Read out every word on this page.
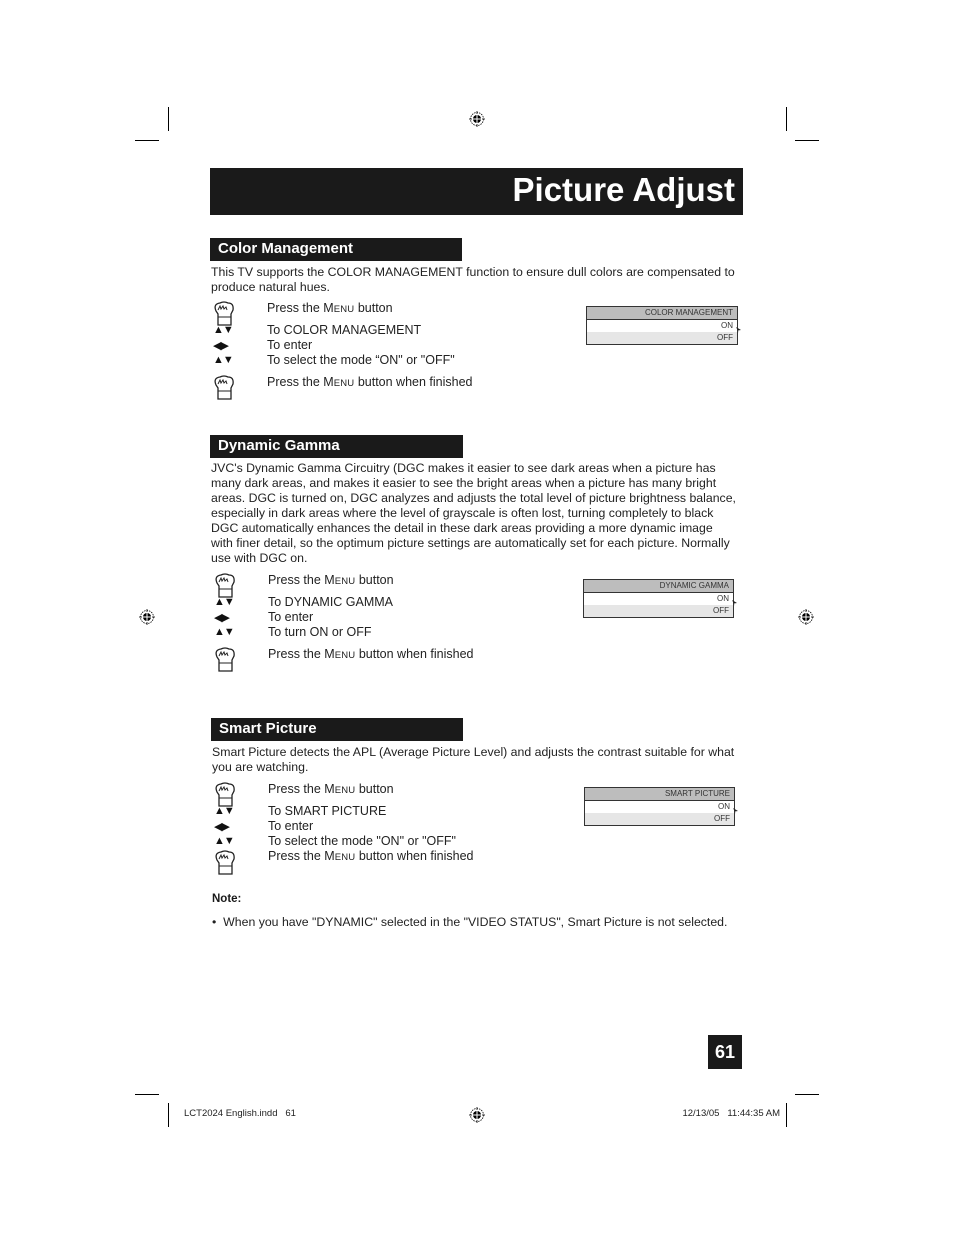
Picture Adjust
Color Management
This TV supports the COLOR MANAGEMENT function to ensure dull colors are compensated to produce natural hues.
Press the MENU button
▲▼	To COLOR MANAGEMENT
◀▶	To enter
▲▼	To select the mode “ON" or "OFF"
Press the MENU button when finished
COLOR MANAGEMENT
ON
OFF
Dynamic Gamma
JVC's Dynamic Gamma Circuitry (DGC makes it easier to see dark areas when a picture has many dark areas, and makes it easier to see the bright areas when a picture has many bright areas. DGC is turned on, DGC analyzes and adjusts the total level of picture brightness balance, especially in dark areas where the level of grayscale is often lost, turning completely to black DGC automatically enhances the detail in these dark areas providing a more dynamic image with finer detail, so the optimum picture settings are automatically set for each picture. Normally use with DGC on.
Press the MENU button
▲▼	To DYNAMIC GAMMA
◀▶	To enter
▲▼	To turn ON or OFF
Press the MENU button when finished
DYNAMIC GAMMA
ON
OFF
Smart Picture
Smart Picture detects the APL (Average Picture Level) and adjusts the contrast suitable for what you are watching.
Press the MENU button
▲▼	To SMART PICTURE
◀▶	To enter
▲▼	To select the mode "ON" or "OFF"
Press the MENU button when finished
SMART PICTURE
ON
OFF
Note:
• When you have "DYNAMIC" selected in the "VIDEO STATUS", Smart Picture is not selected.
61
LCT2024 English.indd   61	12/13/05   11:44:35 AM
